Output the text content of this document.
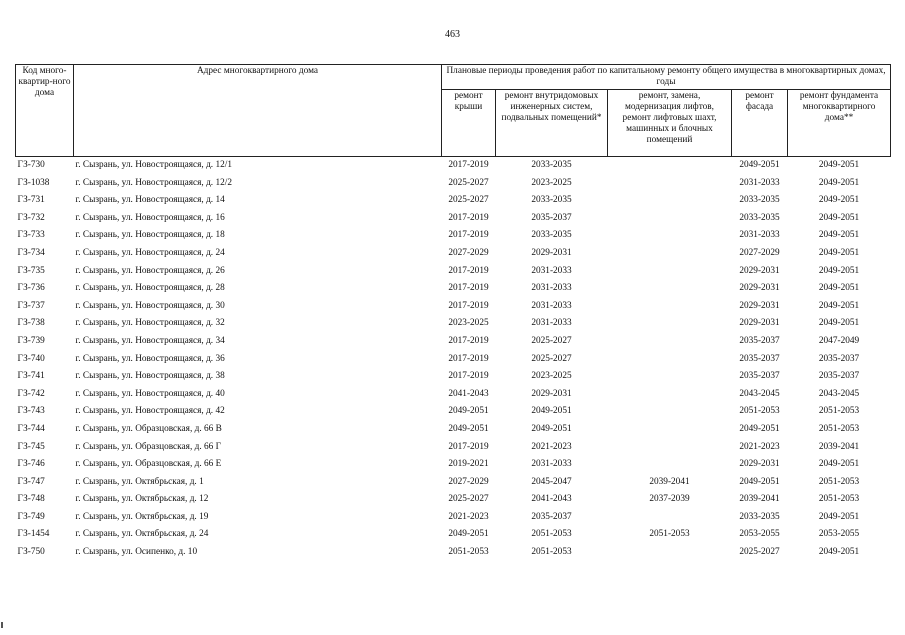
463
Код много-квартир-ного дома	Адрес многоквартирного дома	Плановые периоды проведения работ по капитальному ремонту общего имущества в многоквартирных домах, годы				
		ремонт крыши	ремонт внутридомовых инженерных систем, подвальных помещений*	ремонт, замена, модернизация лифтов, ремонт лифтовых шахт, машинных и блочных помещений	ремонт фасада	ремонт фундамента многоквартирного дома**
ГЗ-730	г. Сызрань, ул. Новостроящаяся, д. 12/1	2017-2019	2033-2035		2049-2051	2049-2051
ГЗ-1038	г. Сызрань, ул. Новостроящаяся, д. 12/2	2025-2027	2023-2025		2031-2033	2049-2051
ГЗ-731	г. Сызрань, ул. Новостроящаяся, д. 14	2025-2027	2033-2035		2033-2035	2049-2051
ГЗ-732	г. Сызрань, ул. Новостроящаяся, д. 16	2017-2019	2035-2037		2033-2035	2049-2051
ГЗ-733	г. Сызрань, ул. Новостроящаяся, д. 18	2017-2019	2033-2035		2031-2033	2049-2051
ГЗ-734	г. Сызрань, ул. Новостроящаяся, д. 24	2027-2029	2029-2031		2027-2029	2049-2051
ГЗ-735	г. Сызрань, ул. Новостроящаяся, д. 26	2017-2019	2031-2033		2029-2031	2049-2051
ГЗ-736	г. Сызрань, ул. Новостроящаяся, д. 28	2017-2019	2031-2033		2029-2031	2049-2051
ГЗ-737	г. Сызрань, ул. Новостроящаяся, д. 30	2017-2019	2031-2033		2029-2031	2049-2051
ГЗ-738	г. Сызрань, ул. Новостроящаяся, д. 32	2023-2025	2031-2033		2029-2031	2049-2051
ГЗ-739	г. Сызрань, ул. Новостроящаяся, д. 34	2017-2019	2025-2027		2035-2037	2047-2049
ГЗ-740	г. Сызрань, ул. Новостроящаяся, д. 36	2017-2019	2025-2027		2035-2037	2035-2037
ГЗ-741	г. Сызрань, ул. Новостроящаяся, д. 38	2017-2019	2023-2025		2035-2037	2035-2037
ГЗ-742	г. Сызрань, ул. Новостроящаяся, д. 40	2041-2043	2029-2031		2043-2045	2043-2045
ГЗ-743	г. Сызрань, ул. Новостроящаяся, д. 42	2049-2051	2049-2051		2051-2053	2051-2053
ГЗ-744	г. Сызрань, ул. Образцовская, д. 66 В	2049-2051	2049-2051		2049-2051	2051-2053
ГЗ-745	г. Сызрань, ул. Образцовская, д. 66 Г	2017-2019	2021-2023		2021-2023	2039-2041
ГЗ-746	г. Сызрань, ул. Образцовская, д. 66 Е	2019-2021	2031-2033		2029-2031	2049-2051
ГЗ-747	г. Сызрань, ул. Октябрьская, д. 1	2027-2029	2045-2047	2039-2041	2049-2051	2051-2053
ГЗ-748	г. Сызрань, ул. Октябрьская, д. 12	2025-2027	2041-2043	2037-2039	2039-2041	2051-2053
ГЗ-749	г. Сызрань, ул. Октябрьская, д. 19	2021-2023	2035-2037		2033-2035	2049-2051
ГЗ-1454	г. Сызрань, ул. Октябрьская, д. 24	2049-2051	2051-2053	2051-2053	2053-2055	2053-2055
ГЗ-750	г. Сызрань, ул. Осипенко, д. 10	2051-2053	2051-2053		2025-2027	2049-2051
